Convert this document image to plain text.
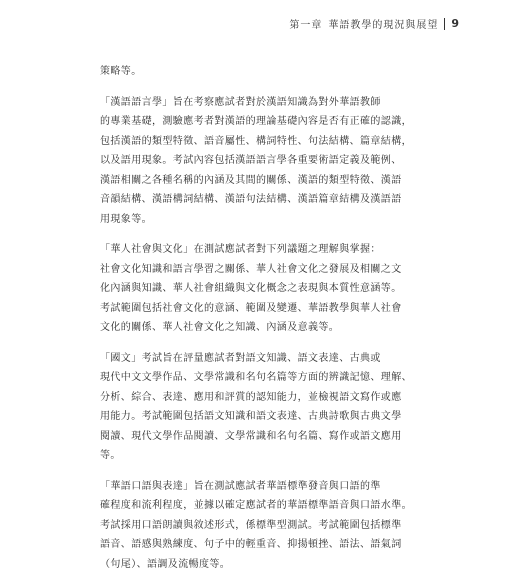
第一章 華語教學的現況與展望 9

策略等。

「漢語語言學」旨在考察應試者對於漢語知識為對外華語教師
的專業基礎，測驗應考者對漢語的理論基礎內容是否有正確的認識，
包括漢語的類型特徵、語音屬性、構詞特性、句法結構、篇章結構，
以及語用現象。考試內容包括漢語語言學各重要術語定義及範例、
漢語相關之各種名稱的內涵及其間的關係、漢語的類型特徵、漢語
音韻結構、漢語構詞結構、漢語句法結構、漢語篇章結構及漢語語
用現象等。

「華人社會與文化」在測試應試者對下列議題之理解與掌握：
社會文化知識和語言學習之關係、華人社會文化之發展及相關之文
化內涵與知識、華人社會組織與文化概念之表現與本質性意涵等。
考試範圍包括社會文化的意涵、範圍及變遷、華語教學與華人社會
文化的關係、華人社會文化之知識、內涵及意義等。

「國文」考試旨在評量應試者對語文知識、語文表達、古典或
現代中文文學作品、文學常識和名句名篇等方面的辨識記憶、理解、
分析、綜合、表達、應用和評賞的認知能力，並檢視語文寫作或應
用能力。考試範圍包括語文知識和語文表達、古典詩歌與古典文學
閱讀、現代文學作品閱讀、文學常識和名句名篇、寫作或語文應用
等。

「華語口語與表達」旨在測試應試者華語標準發音與口語的準
確程度和流利程度，並據以確定應試者的華語標準語音與口語水準。
考試採用口語朗讀與敘述形式，係標準型測試。考試範圍包括標準
語音、語感與熟練度、句子中的輕重音、抑揚頓挫、語法、語氣詞
（句尾）、語調及流暢度等。
